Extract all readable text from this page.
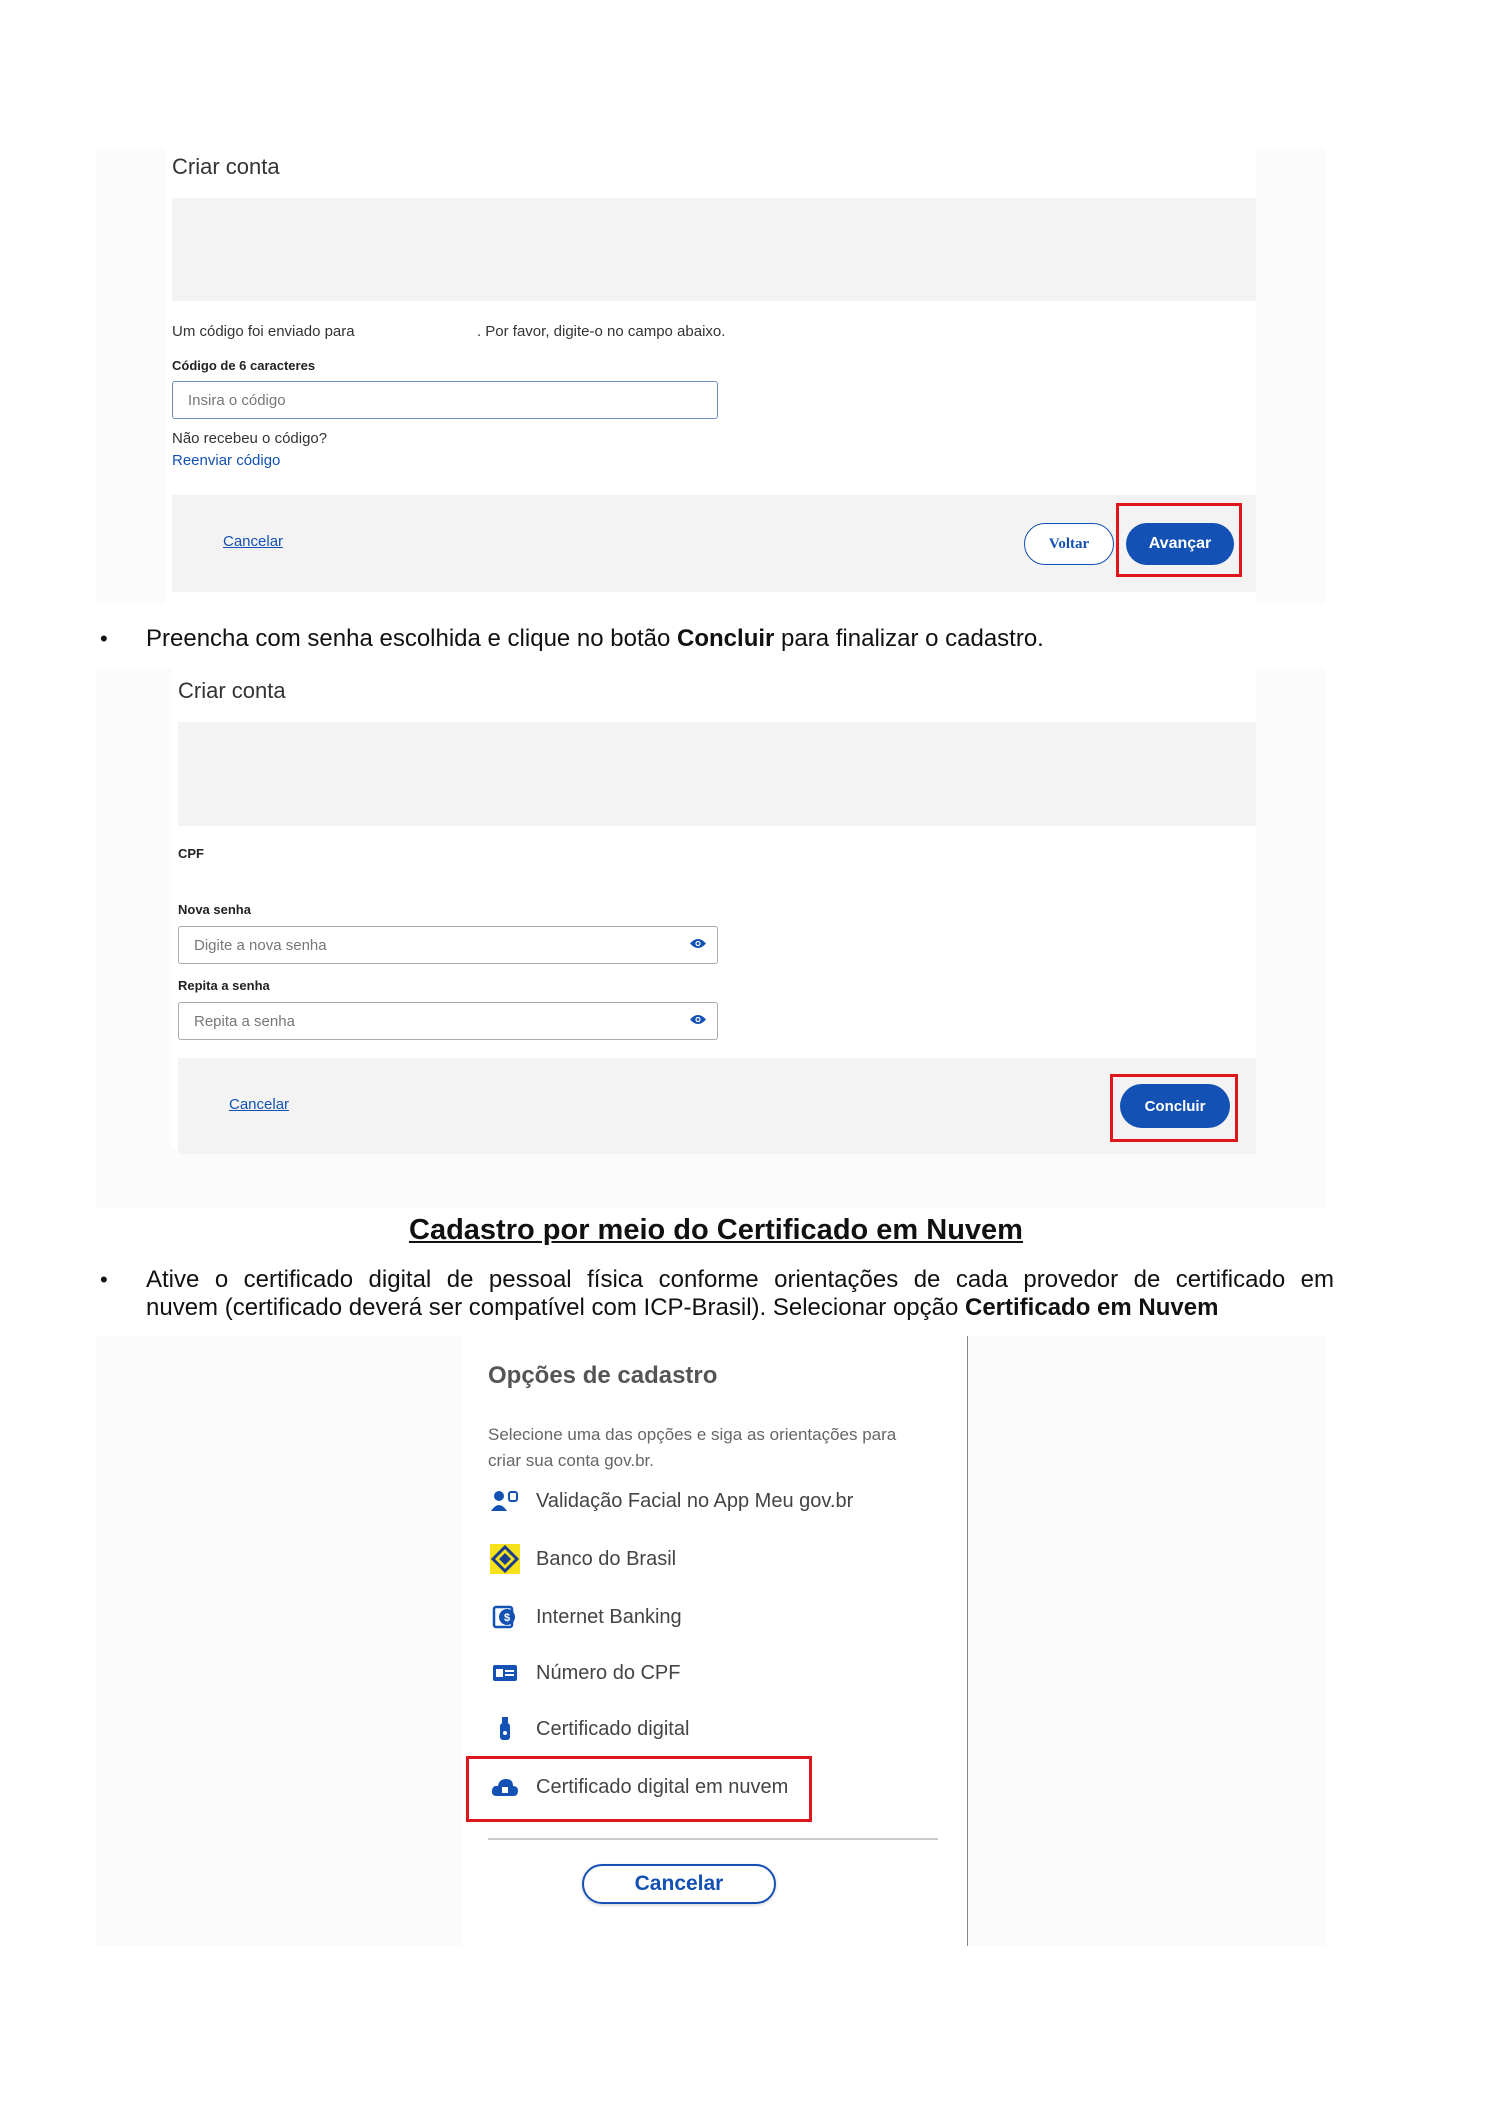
Criar conta
Um código foi enviado para	. Por favor, digite-o no campo abaixo.
Código de 6 caracteres
Insira o código
Não recebeu o código?
Reenviar código
Cancelar	Voltar	Avançar
• Preencha com senha escolhida e clique no botão Concluir para finalizar o cadastro.
Criar conta
CPF
Nova senha
Digite a nova senha
Repita a senha
Repita a senha
Cancelar	Concluir
Cadastro por meio do Certificado em Nuvem
• Ative o certificado digital de pessoal física conforme orientações de cada provedor de certificado em
nuvem (certificado deverá ser compatível com ICP-Brasil). Selecionar opção Certificado em Nuvem
Opções de cadastro
Selecione uma das opções e siga as orientações para
criar sua conta gov.br.
Validação Facial no App Meu gov.br
Banco do Brasil
$ Internet Banking
Número do CPF
Certificado digital
Certificado digital em nuvem
Cancelar
